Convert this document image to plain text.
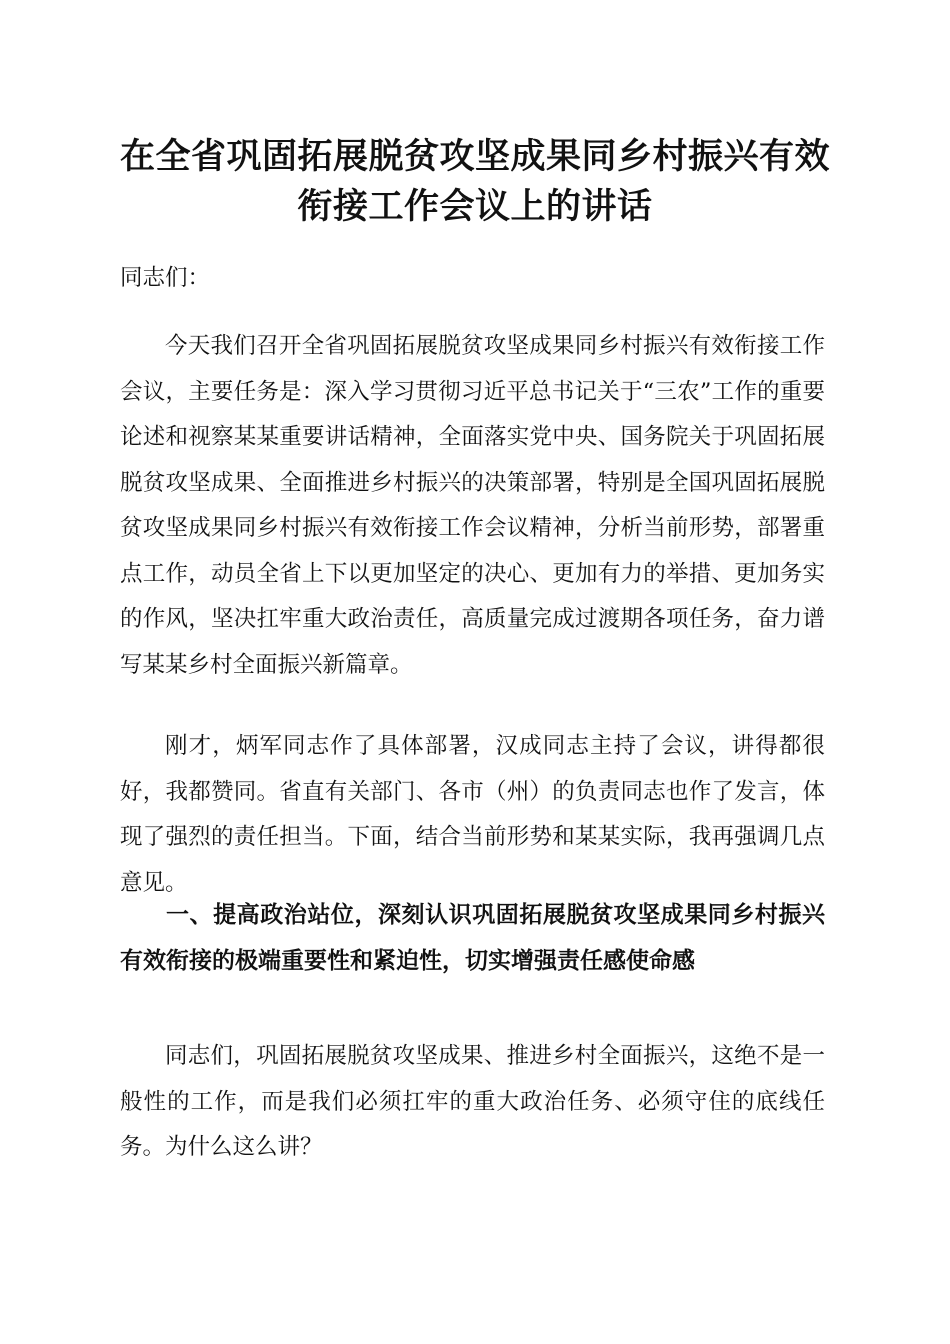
在全省巩固拓展脱贫攻坚成果同乡村振兴有效
衔接工作会议上的讲话

同志们：

今天我们召开全省巩固拓展脱贫攻坚成果同乡村振兴有效衔接工作会议，主要任务是：深入学习贯彻习近平总书记关于“三农”工作的重要论述和视察某某重要讲话精神，全面落实党中央、国务院关于巩固拓展脱贫攻坚成果、全面推进乡村振兴的决策部署，特别是全国巩固拓展脱贫攻坚成果同乡村振兴有效衔接工作会议精神，分析当前形势，部署重点工作，动员全省上下以更加坚定的决心、更加有力的举措、更加务实的作风，坚决扛牢重大政治责任，高质量完成过渡期各项任务，奋力谱写某某乡村全面振兴新篇章。

刚才，炳军同志作了具体部署，汉成同志主持了会议，讲得都很好，我都赞同。省直有关部门、各市（州）的负责同志也作了发言，体现了强烈的责任担当。下面，结合当前形势和某某实际，我再强调几点意见。

一、提高政治站位，深刻认识巩固拓展脱贫攻坚成果同乡村振兴有效衔接的极端重要性和紧迫性，切实增强责任感使命感

同志们，巩固拓展脱贫攻坚成果、推进乡村全面振兴，这绝不是一般性的工作，而是我们必须扛牢的重大政治任务、必须守住的底线任务。为什么这么讲？
